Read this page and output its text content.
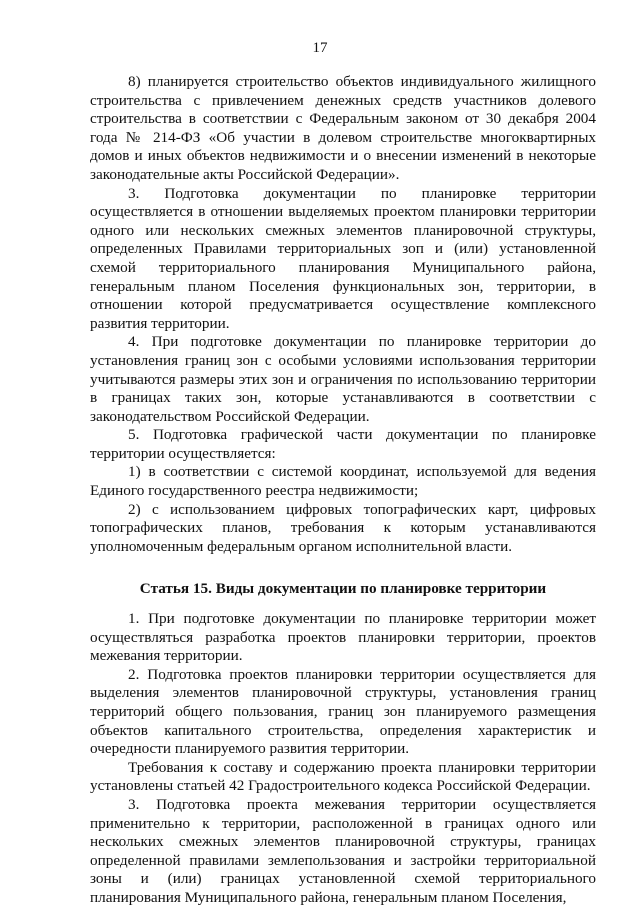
17

8) планируется строительство объектов индивидуального жилищного строительства с привлечением денежных средств участников долевого строительства в соответствии с Федеральным законом от 30 декабря 2004 года № 214-ФЗ «Об участии в долевом строительстве многоквартирных домов и иных объектов недвижимости и о внесении изменений в некоторые законодательные акты Российской Федерации».

3. Подготовка документации по планировке территории осуществляется в отношении выделяемых проектом планировки территории одного или нескольких смежных элементов планировочной структуры, определенных Правилами территориальных зоп и (или) установленной схемой территориального планирования Муниципального района, генеральным планом Поселения функциональных зон, территории, в отношении которой предусматривается осуществление комплексного развития территории.

4. При подготовке документации по планировке территории до установления границ зон с особыми условиями использования территории учитываются размеры этих зон и ограничения по использованию территории в границах таких зон, которые устанавливаются в соответствии с законодательством Российской Федерации.

5. Подготовка графической части документации по планировке территории осуществляется:

1) в соответствии с системой координат, используемой для ведения Единого государственного реестра недвижимости;

2) с использованием цифровых топографических карт, цифровых топографических планов, требования к которым устанавливаются уполномоченным федеральным органом исполнительной власти.

Статья 15. Виды документации по планировке территории

1. При подготовке документации по планировке территории может осуществляться разработка проектов планировки территории, проектов межевания территории.

2. Подготовка проектов планировки территории осуществляется для выделения элементов планировочной структуры, установления границ территорий общего пользования, границ зон планируемого размещения объектов капитального строительства, определения характеристик и очередности планируемого развития территории.

Требования к составу и содержанию проекта планировки территории установлены статьей 42 Градостроительного кодекса Российской Федерации.

3. Подготовка проекта межевания территории осуществляется применительно к территории, расположенной в границах одного или нескольких смежных элементов планировочной структуры, границах определенной правилами землепользования и застройки территориальной зоны и (или) границах установленной схемой территориального планирования Муниципального района, генеральным планом Поселения,
